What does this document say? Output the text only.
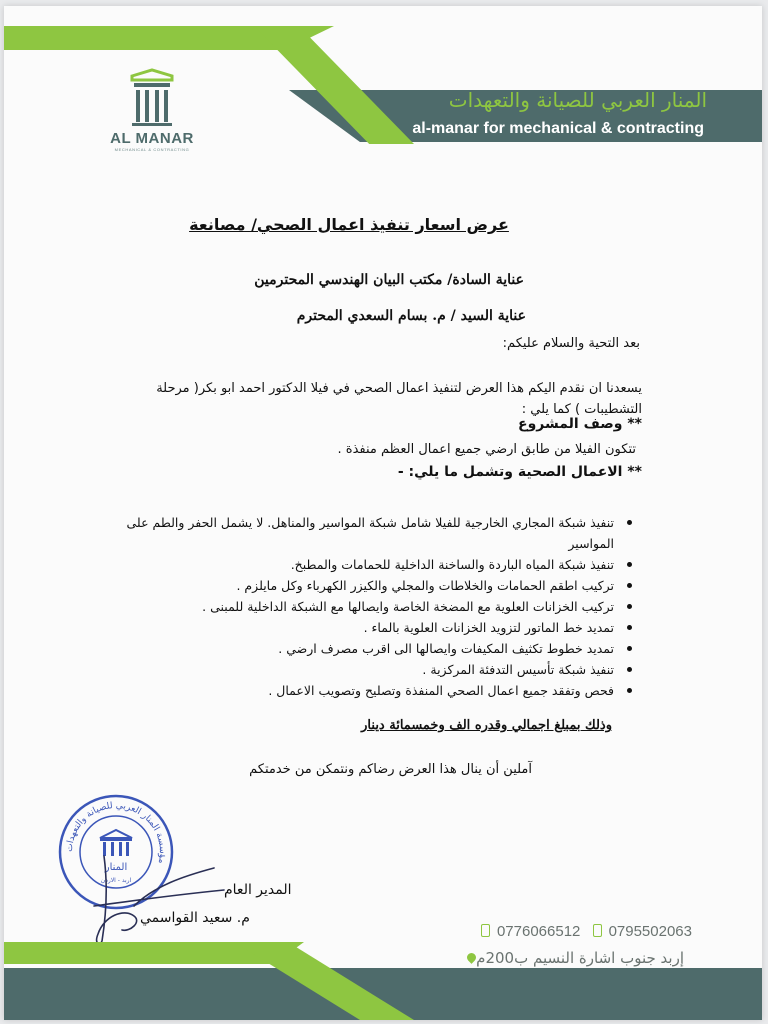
المنار العربي للصيانة والتعهدات
al-manar for mechanical & contracting
AL MANAR
MECHANICAL & CONTRACTING
عرض اسعار تنفيذ اعمال الصحي/ مصانعة
عناية السادة/ مكتب البيان الهندسي المحترمين
عناية السيد / م. بسام السعدي المحترم
بعد التحية والسلام عليكم:
يسعدنا ان نقدم اليكم هذا العرض لتنفيذ اعمال الصحي في فيلا الدكتور احمد ابو بكر( مرحلة التشطيبات ) كما يلي :
** وصف المشروع
تتكون الفيلا من طابق ارضي جميع اعمال العظم منفذة .
** الاعمال الصحية وتشمل ما يلي: -
تنفيذ شبكة المجاري الخارجية للفيلا شامل شبكة المواسير والمناهل. لا يشمل الحفر والطم على المواسير
تنفيذ شبكة المياه الباردة والساخنة الداخلية للحمامات والمطبخ.
تركيب اطقم الحمامات والخلاطات والمجلي والكيزر الكهرباء وكل مايلزم .
تركيب الخزانات العلوية مع المضخة الخاصة وايصالها مع الشبكة الداخلية للمبنى .
تمديد خط الماتور لتزويد الخزانات العلوية بالماء .
تمديد خطوط تكثيف المكيفات وايصالها الى اقرب مصرف ارضي .
تنفيذ شبكة تأسيس التدفئة المركزية .
فحص وتفقد جميع اعمال الصحي المنفذة وتصليح وتصويب الاعمال .
وذلك بمبلغ اجمالي وقدره الف وخمسمائة دينار
آملين أن ينال هذا العرض رضاكم ونتمكن من خدمتكم
مؤسسة المنار العربي للصيانة والتعهدات
المنار
اربد - الاردن
المدير العام
م. سعيد القواسمي
0776066512 0795502063
إربد جنوب اشارة النسيم ب200م
